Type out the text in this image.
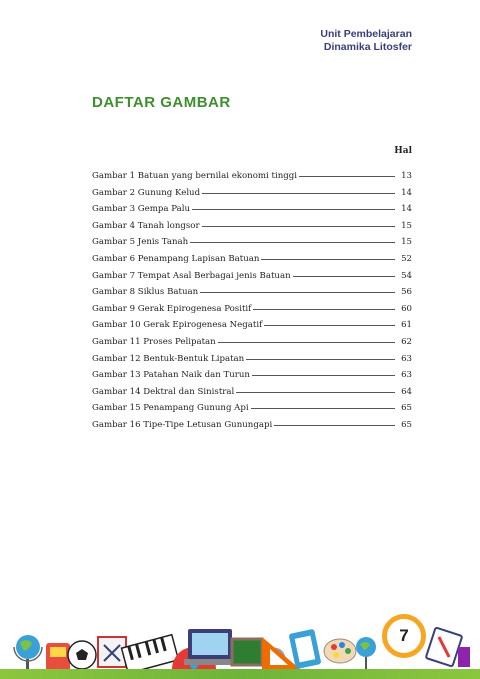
Unit Pembelajaran
Dinamika Litosfer
DAFTAR GAMBAR
Hal
Gambar 1 Batuan yang bernilai ekonomi tinggi	13
Gambar 2 Gunung Kelud	14
Gambar 3 Gempa Palu	14
Gambar 4 Tanah longsor	15
Gambar 5 Jenis Tanah	15
Gambar 6 Penampang Lapisan Batuan	52
Gambar 7 Tempat Asal Berbagai jenis Batuan	54
Gambar 8 Siklus Batuan	56
Gambar 9 Gerak Epirogenesa Positif	60
Gambar 10 Gerak Epirogenesa Negatif	61
Gambar 11 Proses Pelipatan	62
Gambar 12 Bentuk-Bentuk Lipatan	63
Gambar 13 Patahan Naik dan Turun	63
Gambar 14 Dektral dan Sinistral	64
Gambar 15 Penampang Gunung Api	65
Gambar 16 Tipe-Tipe Letusan Gunungapi	65
7
